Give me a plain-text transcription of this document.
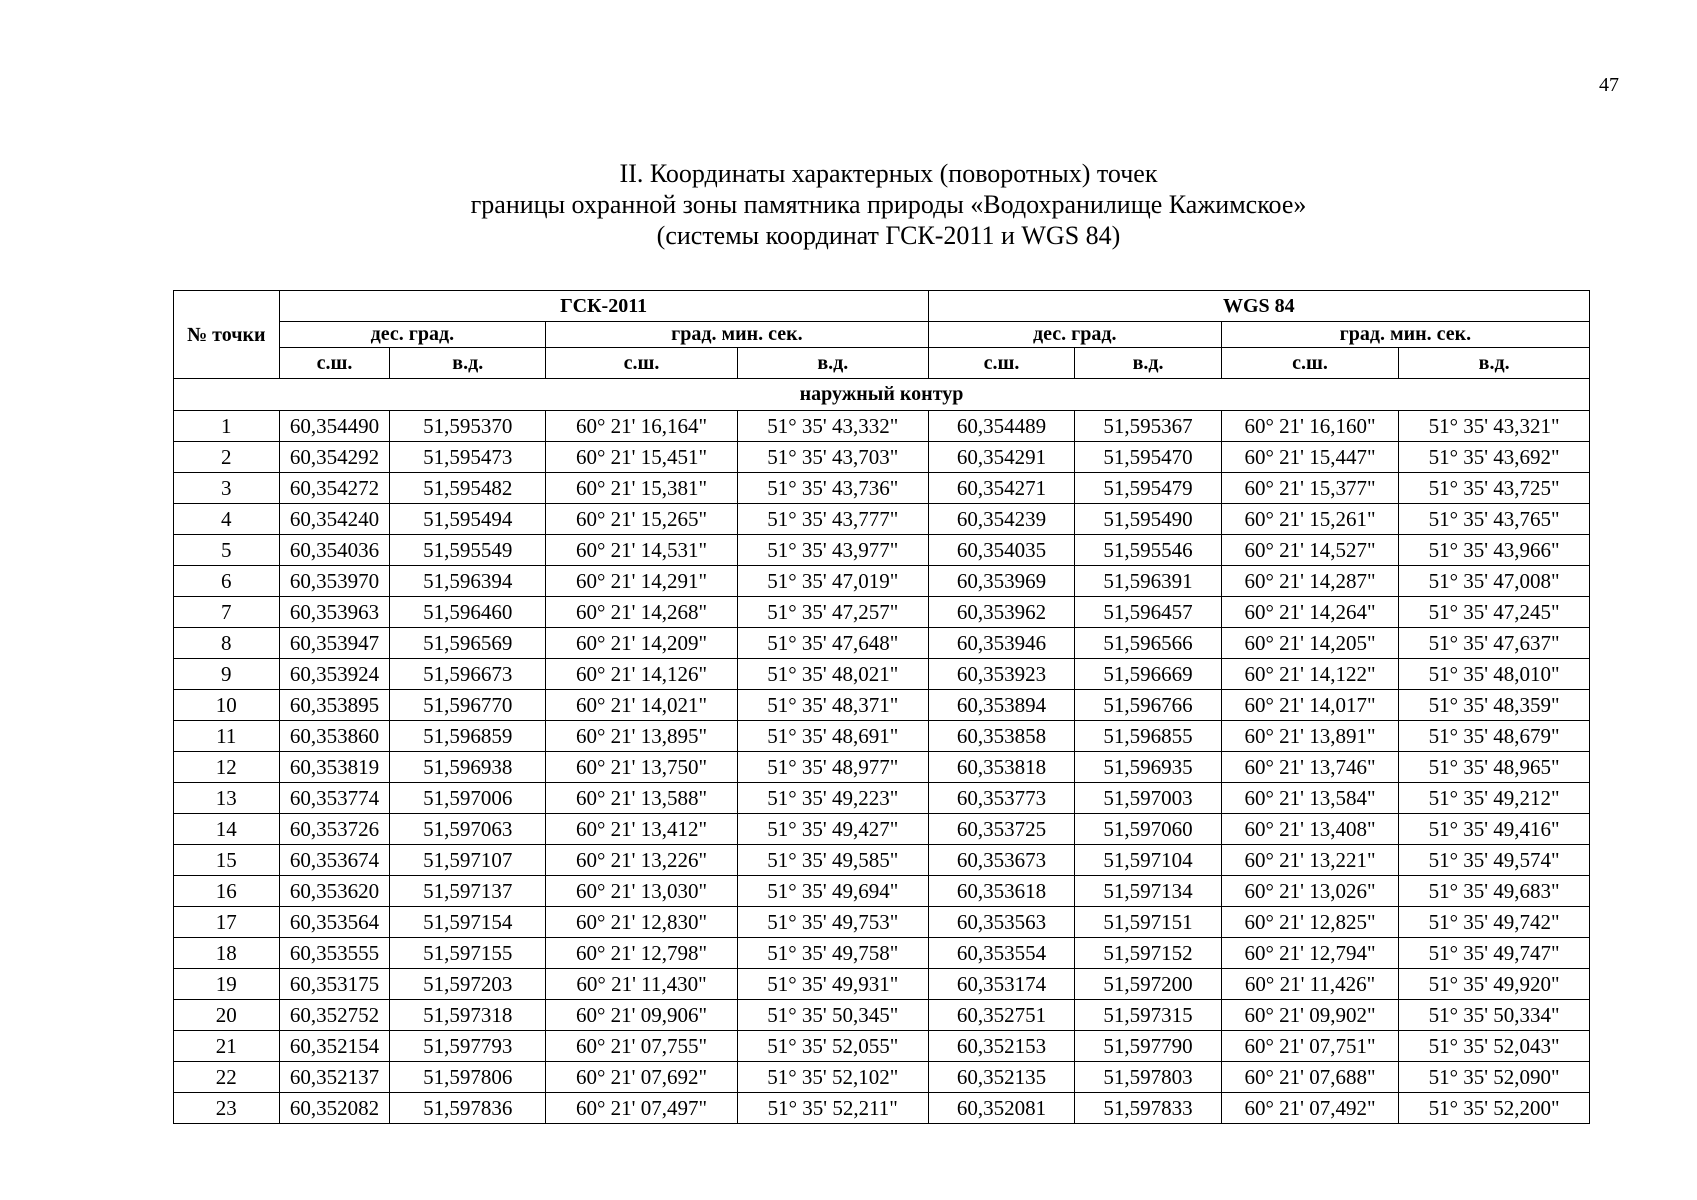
47
II. Координаты характерных (поворотных) точек
границы охранной зоны памятника природы «Водохранилище Кажимское»
(системы координат ГСК-2011 и WGS 84)
№ точки	ГСК-2011				WGS 84			
	дес. град.		град. мин. сек.		дес. град.		град. мин. сек.	
	с.ш.	в.д.	с.ш.	в.д.	с.ш.	в.д.	с.ш.	в.д.
наружный контур								
1	60,354490	51,595370	60° 21' 16,164"	51° 35' 43,332"	60,354489	51,595367	60° 21' 16,160"	51° 35' 43,321"
2	60,354292	51,595473	60° 21' 15,451"	51° 35' 43,703"	60,354291	51,595470	60° 21' 15,447"	51° 35' 43,692"
3	60,354272	51,595482	60° 21' 15,381"	51° 35' 43,736"	60,354271	51,595479	60° 21' 15,377"	51° 35' 43,725"
4	60,354240	51,595494	60° 21' 15,265"	51° 35' 43,777"	60,354239	51,595490	60° 21' 15,261"	51° 35' 43,765"
5	60,354036	51,595549	60° 21' 14,531"	51° 35' 43,977"	60,354035	51,595546	60° 21' 14,527"	51° 35' 43,966"
6	60,353970	51,596394	60° 21' 14,291"	51° 35' 47,019"	60,353969	51,596391	60° 21' 14,287"	51° 35' 47,008"
7	60,353963	51,596460	60° 21' 14,268"	51° 35' 47,257"	60,353962	51,596457	60° 21' 14,264"	51° 35' 47,245"
8	60,353947	51,596569	60° 21' 14,209"	51° 35' 47,648"	60,353946	51,596566	60° 21' 14,205"	51° 35' 47,637"
9	60,353924	51,596673	60° 21' 14,126"	51° 35' 48,021"	60,353923	51,596669	60° 21' 14,122"	51° 35' 48,010"
10	60,353895	51,596770	60° 21' 14,021"	51° 35' 48,371"	60,353894	51,596766	60° 21' 14,017"	51° 35' 48,359"
11	60,353860	51,596859	60° 21' 13,895"	51° 35' 48,691"	60,353858	51,596855	60° 21' 13,891"	51° 35' 48,679"
12	60,353819	51,596938	60° 21' 13,750"	51° 35' 48,977"	60,353818	51,596935	60° 21' 13,746"	51° 35' 48,965"
13	60,353774	51,597006	60° 21' 13,588"	51° 35' 49,223"	60,353773	51,597003	60° 21' 13,584"	51° 35' 49,212"
14	60,353726	51,597063	60° 21' 13,412"	51° 35' 49,427"	60,353725	51,597060	60° 21' 13,408"	51° 35' 49,416"
15	60,353674	51,597107	60° 21' 13,226"	51° 35' 49,585"	60,353673	51,597104	60° 21' 13,221"	51° 35' 49,574"
16	60,353620	51,597137	60° 21' 13,030"	51° 35' 49,694"	60,353618	51,597134	60° 21' 13,026"	51° 35' 49,683"
17	60,353564	51,597154	60° 21' 12,830"	51° 35' 49,753"	60,353563	51,597151	60° 21' 12,825"	51° 35' 49,742"
18	60,353555	51,597155	60° 21' 12,798"	51° 35' 49,758"	60,353554	51,597152	60° 21' 12,794"	51° 35' 49,747"
19	60,353175	51,597203	60° 21' 11,430"	51° 35' 49,931"	60,353174	51,597200	60° 21' 11,426"	51° 35' 49,920"
20	60,352752	51,597318	60° 21' 09,906"	51° 35' 50,345"	60,352751	51,597315	60° 21' 09,902"	51° 35' 50,334"
21	60,352154	51,597793	60° 21' 07,755"	51° 35' 52,055"	60,352153	51,597790	60° 21' 07,751"	51° 35' 52,043"
22	60,352137	51,597806	60° 21' 07,692"	51° 35' 52,102"	60,352135	51,597803	60° 21' 07,688"	51° 35' 52,090"
23	60,352082	51,597836	60° 21' 07,497"	51° 35' 52,211"	60,352081	51,597833	60° 21' 07,492"	51° 35' 52,200"
